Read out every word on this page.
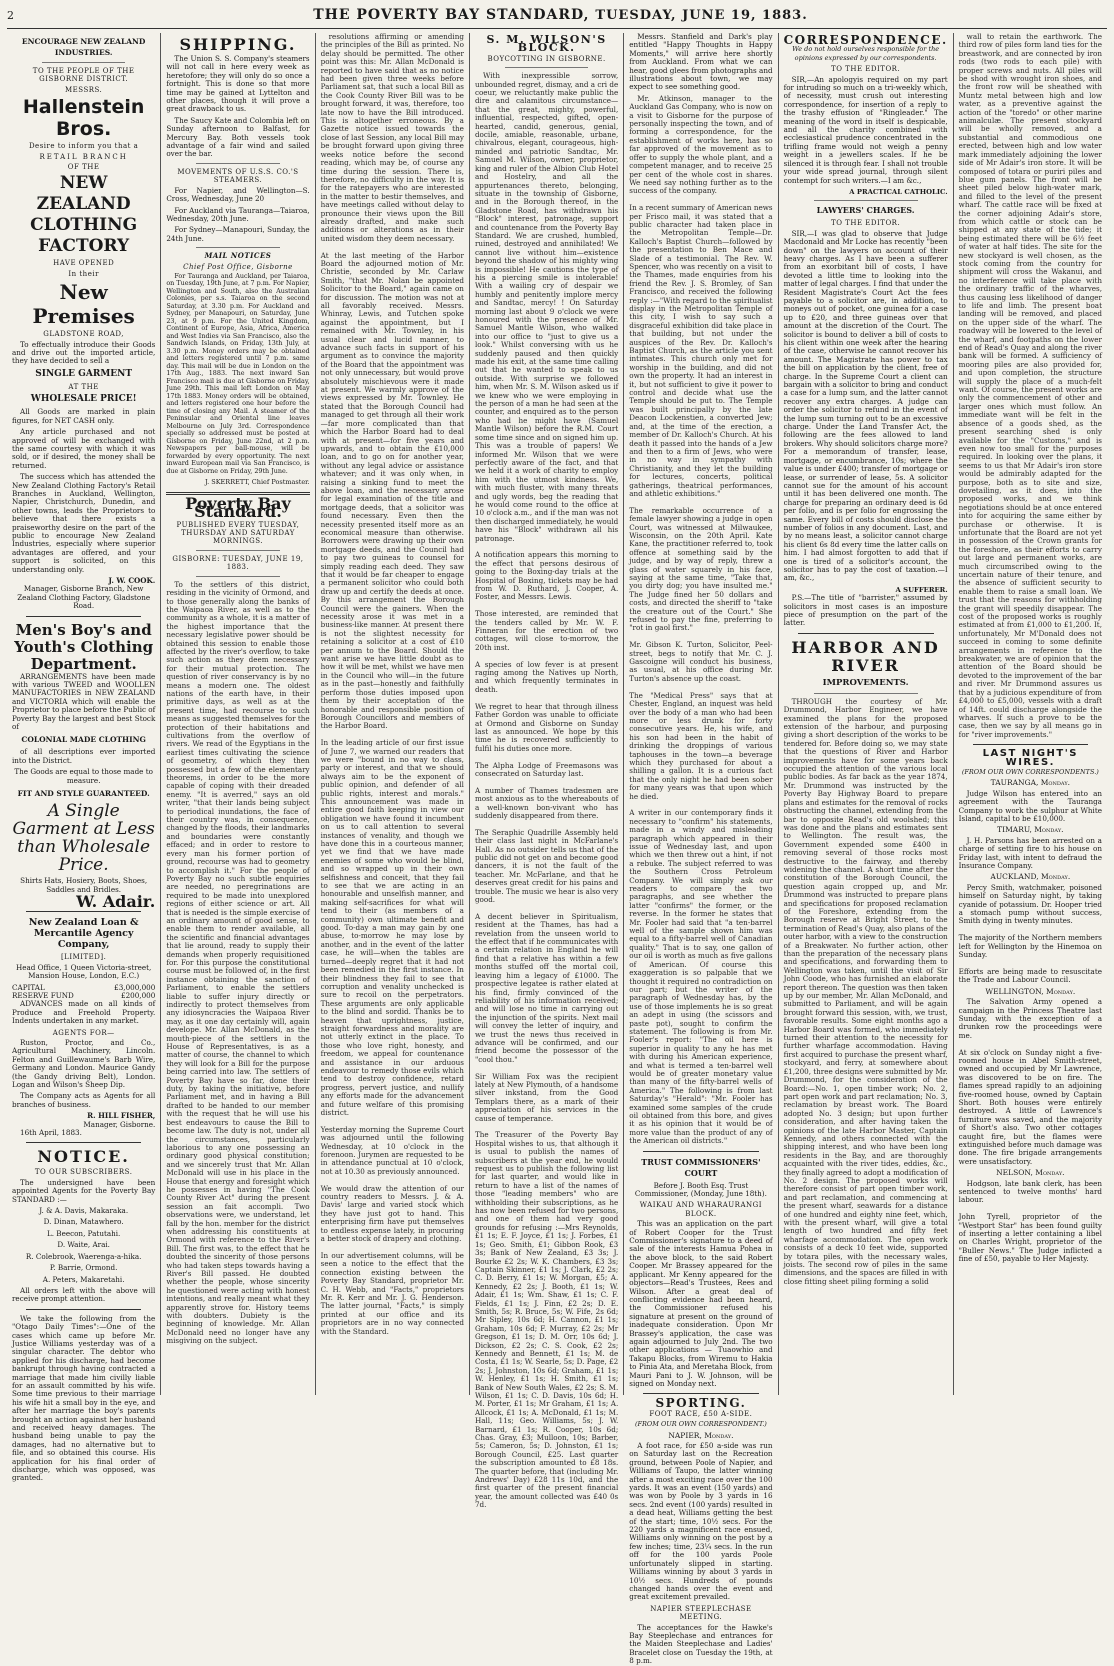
2	THE POVERTY BAY STANDARD, TUESDAY, JUNE 19, 1883.
ENCOURAGE NEW ZEALAND INDUSTRIES.
TO THE PEOPLE OF THE GISBORNE DISTRICT.
MESSRS.
Hallenstein Bros.
Desire to inform you that a
RETAIL BRANCH
OF THE
NEW ZEALAND
CLOTHING
FACTORY
HAVE OPENED
In their
New Premises
GLADSTONE ROAD,

To effectually introduce their Goods and drive out the imported article, they have decided to sell a

SINGLE GARMENT
AT THE
WHOLESALE PRICE!

All Goods are marked in plain figures, for NET CASH only.

Any article purchased and not approved of will be exchanged with the same courtesy with which it was sold, or if desired, the money shall be returned.

The success which has attended the New Zealand Clothing Factory's Retail Branches in Auckland, Wellington, Napier, Christchurch, Dunedin, and other towns, leads the Proprietors to believe that there exists a praiseworthy desire on the part of the public to encourage New Zealand Industries, especially where superior advantages are offered, and your support is solicited, on this understanding only.

J. W. COOK.

Manager, Gisborne Branch, New Zealand Clothing Factory, Gladstone Road.

Men's Boy's and Youth's Clothing Department.

ARRANGEMENTS have been made with various TWEED and WOOLLEN MANUFACTORIES in NEW ZEALAND and VICTORIA which will enable the Proprietor to place before the Public of Poverty Bay the largest and best Stock of

COLONIAL MADE CLOTHING

of all descriptions ever imported into the District.

The Goods are equal to those made to measure.

FIT AND STYLE GUARANTEED.
A Single Garment at Less than Wholesale Price.

Shirts Hats, Hosiery, Boots, Shoes, Saddles and Bridles.

W. Adair.
New Zealand Loan & Mercantile Agency Company,
[LIMITED].

Head Office, 1 Queen Victoria-street, Mansion House, London, E.C.)

CAPITAL	£3,000,000
RESERVE FUND	£200,000

ADVANCES made on all kinds of Produce and Freehold Property. Indents undertaken in any market.

AGENTS FOR—

Ruston, Proctor, and Co., Agricultural Machinery, Lincoln. Felton and Guillewaume's Barb Wire, Germany and London. Maurice Gandy (the Gandy driving Belt), London. Logan and Wilson's Sheep Dip.

The Company acts as Agents for all branches of business.

R. HILL FISHER,
Manager, Gisborne.

16th April, 1883.

NOTICE.
TO OUR SUBSCRIBERS.

The undersigned have been appointed Agents for the Poverty Bay STANDARD :—

J. & A. Davis, Makaraka.

D. Dinan, Matawhero.

L. Beecon, Patutahi.

D. Waite, Arai.

R. Colebrook, Waerenga-a-hika.

P. Barrie, Ormond.

A. Peters, Makaretahi.

All orders left with the above will receive prompt attention.

We take the following from the "Otago Daily Times":—One of the cases which came up before Mr. Justice Williams yesterday was of a singular character. The debtor who applied for his discharge, had become bankrupt through having contracted a marriage that made him civilly liable for an assault committed by his wife. Some time previous to their marriage his wife hit a small boy in the eye, and after her marriage the boy's parents brought an action against her husband and received heavy damages. The husband being unable to pay the damages, had no alternative but to file, and so obtained this course. His application for his final order of discharge, which was opposed, was granted.

SHIPPING.

The Union S. S. Company's steamers will not call in here every week as heretofore; they will only do so once a fortnight. This is done so that more time may be gained at Lyttelton and other places, though it will prove a great drawback to us.

The Saucy Kate and Colombia left on Sunday afternoon to Balfast, for Mercury Bay. Both vessels took advantage of a fair wind and sailed over the bar.

MOVEMENTS OF U.S.S. CO.'S STEAMERS.

For Napier, and Wellington—S. Cross, Wednesday, June 20

For Auckland via Tauranga—Taiaroa, Wednesday, 20th June.

For Sydney—Manapouri, Sunday, the 24th June.

MAIL NOTICES
Chief Post Office, Gisborne

For Tauranga and Auckland, per Taiaroa, on Tuesday, 19th June, at 7 p.m. For Napier, Wellington and South, also the Australian Colonies, per s.s. Taiaroa on the second Saturday, at 3.30 p.m. For Auckland and Sydney, per Manapouri, on Saturday, June 23, at 9 p.m. For the United Kingdom, Continent of Europe, Asia, Africa, America and West Indies via San Francisco, also the Sandwich Islands, on Friday, 13th July, at 3.30 p.m. Money orders may be obtained and letters registered until 7 p.m. same day. This mail will be due in London on the 17th Aug., 1883. The next inward San Francisco mail is due at Gisborne on Friday, June 29th. This mail left London on May 17th 1883. Money orders will be obtained, and letters registered one hour before the time of closing any Mail. A steamer of the Peninsular and Oriental line leaves Melbourne on July 3rd. Correspondence specially so addressed must be posted at Gisborne on Friday, June 22nd, at 2 p.m. Newspapers per ball-mouse, will be forwarded by every opportunity. The next inward European mail via San Francisco, is due at Gisborne on Friday, 29th June.

J. SKERRETT, Chief Postmaster.
Poverty Bay Standard.
PUBLISHED EVERY TUESDAY, THURSDAY AND SATURDAY MORNINGS.
GISBORNE: TUESDAY, JUNE 19, 1883.

To the settlers of this district, residing in the vicinity of Ormond, and to those generally along the banks of the Waipaoa River, as well as to the community as a whole, it is a matter of the highest importance that the necessary legislative power should be obtained this session to enable those affected by the river's overflow, to take such action as they deem necessary for their mutual protection. The question of river conservancy is by no means a modern one. The oldest nations of the earth have, in their primitive days, as well as at the present time, had recourse to such means as suggested themselves for the protection of their habitations and cultivations from the overflow of rivers. We read of the Egyptians in the earliest times cultivating the science of geometry, of which they then possessed but a few of the elementary theorems, in order to be the more capable of coping with their dreaded enemy. "It is averred," says an old writer, "that their lands being subject to periodical inundations, the face of their country was, in consequence, changed by the floods, their landmarks and boundaries were constantly effaced; and in order to restore to every man his former portion of ground, recourse was had to geometry to accomplish it." For the people of Poverty Bay no such subtle enquiries are needed, no peregrinations are required to be made into unexplored regions of either science or art. All that is needed is the simple exercise of an ordinary amount of good sense, to enable them to render available, all the scientific and financial advantages that lie around, ready to supply their demands when properly requisitioned for. For this purpose the constitutional course must be followed of, in the first instance obtaining the sanction of Parliament, to enable the settlers liable to suffer injury directly or indirectly to protect themselves from any idiosyncracies the Waipaoa River may, as it one day certainly will, again develope. Mr. Allan McDonald, as the mouth-piece of the settlers in the House of Representatives, is as a matter of course, the channel to which they will look for a Bill for the purpose being carried into law. The settlers of Poverty Bay have so far, done their duty, by taking the initiative, before Parliament met, and in having a Bill drafted to be handed to our member with the request that he will use his best endeavours to cause the Bill to become law. The duty is not, under all the circumstances, particularly laborious to any one possessing an ordinary good physical constitution; and we sincerely trust that Mr. Allan McDonald will use in his place in the House that energy and foresight which he possesses in having "The Cook County River Act" during the present session an fait accompli. Two observations were, we understand, let fall by the hon. member for the district when addressing his constituents at Ormond with reference to the River's Bill. The first was, to the effect that he doubted the sincerity of those persons who had taken steps towards having a River's Bill passed. He doubted whether the people, whose sincerity he questioned were acting with honest intentions, and really meant what they apparently strove for. History teems with doubters. Dubiety is the beginning of knowledge. Mr. Allan McDonald need no longer have any misgiving on the subject.

resolutions affirming or amending the principles of the Bill as printed. No delay should be permitted. The other point was this: Mr. Allan McDonald is reported to have said that as no notice had been given three weeks before Parliament sat, that such a local Bill as the Cook County River Bill was to be brought forward, it was, therefore, too late now to have the Bill introduced. This is altogether erroneous. By a Gazette notice issued towards the close of last Session, any local Bill may be brought forward upon giving three weeks notice before the second reading, which may be, of course any time during the session. There is, therefore, no difficulty in the way. It is for the ratepayers who are interested in the matter to bestir themselves, and have meetings called without delay to pronounce their views upon the Bill already drafted, and make such additions or alterations as in their united wisdom they deem necessary.

At the last meeting of the Harbor Board the adjourned motion of Mr. Christie, seconded by Mr. Carlaw Smith, "that Mr. Nolan be appointed Solicitor to the Board," again came on for discussion. The motion was not at all favorably received. Messrs. Whinray, Lewis, and Tutchen spoke against the appointment, but I remained with Mr. Townley, in his usual clear and lucid manner, to advance such facts in support of his argument as to convince the majority of the Board that the appointment was not only unnecessary, but would prove absolutely mischievous were it made at present. We warmly approve of the views expressed by Mr. Townley. He stated that the Borough Council had managed to get through all their work—far more complicated than that which the Harbor Board had to deal with at present—for five years and upwards, and to obtain the £10,000 loan, and to go on for another year, without any legal advice or assistance whatever; and it was only when, in raising a sinking fund to meet the above loan, and the necessary arose for legal examination of the title and mortgage deeds, that a solicitor was found necessary. Even then the necessity presented itself more as an economical measure than otherwise. Borrowers were drawing up their own mortgage deeds, and the Council had to pay two guineas to counsel for simply reading each deed. They saw that it would be far cheaper to engage a permanent solicitor who could both draw up and certify the deeds at once. By this arrangement the Borough Council were the gainers. When the necessity arose it was met in a business-like manner. At present there is not the slightest necessity for retaining a solicitor at a cost of £10 per annum to the Board. Should the want arise we have little doubt as to how it will be met, whilst we have men in the Council who will—in the future as in the past—honestly and faithfully perform those duties imposed upon them by their acceptation of the honorable and responsible position of Borough Councillors and members of the Harbor Board.

In the leading article of our first issue of June 7, we warned our readers that we were "bound in no way to class, party or interest, and that we should always aim to be the exponent of public opinion, and defender of all public rights, interest and morals." This announcement was made in entire good faith keeping in view our obligation we have found it incumbent on us to call attention to several instances of venality, and though we have done this in a courteous manner, yet we find that we have made enemies of some who would be blind, and so wrapped up in their own selfishness and conceit, that they fail to see that we are acting in an honourable and unselfish manner, and making self-sacrifices for what will tend to their (as members of a community) own ultimate benefit and good. To-day a man may gain by one abuse, to-morrow he may lose by another, and in the event of the latter case, he will—when the tables are turned—deeply regret that it had not been remedied in the first instance. In their blindness they fail to see that corruption and venality unchecked is sure to recoil on the perpetrators. These arguments are only applicable to the blind and sordid. Thanks be to heaven that uprightness, justice, straight forwardness and morality are not utterly extinct in the place. To those who love right, honesty, and freedom, we appeal for countenance and assistance in our arduous endeavour to remedy those evils which tend to destroy confidence, retard progress, pervert justice, and nullify any efforts made for the advancement and future welfare of this promising district.

Yesterday morning the Supreme Court was adjourned until the following Wednesday, at 10 o'clock in the forenoon. Jurymen are requested to be in attendance punctual at 10 o'clock, not at 10.30 as previously announced.

We would draw the attention of our country readers to Messrs. J. & A. Davis' large and varied stock which they have just got to hand. This enterprising firm have put themselves to endless expense lately, in procuring a better stock of drapery and clothing.

In our advertisement columns, will be seen a notice to the effect that the connection existing between the Poverty Bay Standard, proprietor Mr. C. H. Webb, and "Facts," proprietors Mr. R. Kerr and Mr. J. G. Henderson. The latter journal, "Facts," is simply printed at our office and its proprietors are in no way connected with the Standard.

S. M. WILSON'S BLOCK.
BOYCOTTING IN GISBORNE.

With inexpressible sorrow, unbounded regret, dismay, and a cri de coeur, we reluctantly make public the dire and calamitous circumstance—that the great, mighty, powerful, influential, respected, gifted, open-hearted, candid, generous, genial, docile, amiable, reasonable, urbane, chivalrous, elegant, courageous, high-minded and patriotic Sandtac, Mr. Samuel M. Wilson, owner, proprietor, king and ruler of the Albion Club Hotel and Hostelry, and all the appurtenances thereto, belonging, situate in the township of Gisborne, and in the Borough thereof, in the Gladstone Road, has withdrawn his "Block" interest, patronage, support and countenance from the Poverty Bay Standard. We are crushed, humbled, ruined, destroyed and annihilated! We cannot live without him—existence beyond the shadow of his mighty wing is impossible! He cautions the type of his a piercing smile is intolerable! With a wailing cry of despair we humbly and penitently implore mercy and Sandtac, mercy! ! On Saturday morning last about 9 o'clock we were honoured with the presence of Mr. Samuel Mantle Wilson, who walked into our office to "just to give us a look." Whilst conversing with us he suddenly paused and then quickly made his exit, at the same time calling out that he wanted to speak to us outside. With surprise we followed him, when Mr. S. M. Wilson asked us if we knew who we were employing in the person of a man he had seen at the counter, and enquired as to the person who had he might have (Samuel Mantle Wilson) before the R.M. Court some time since and on signed him up. This was a trouble of papers! We informed Mr. Wilson that we were perfectly aware of the fact, and that we held it a work of charity to employ him with the utmost kindness. We, with much fluster, with many threats and ugly words, beg the reading that he would come round to the office at 10 o'clock a.m., and if the man was not then discharged immediately, he would have his "Block" withdrawn all his patronage.

A notification appears this morning to the effect that persons desirous of going to the Boxing-day trials at the Hospital of Boxing, tickets may be had from W. D. Ruthard, J. Cooper, A. Foster, and Messrs. Lewis.

Those interested, are reminded that the tenders called by Mr. W. F. Finneran for the erection of two cottages, will close to-morrow, the 20th inst.

A species of low fever is at present raging among the Natives up North, and which frequently terminates in death.

We regret to hear that through illness Father Gordon was unable to officiate at Ormond and Gisborne on Sunday last as announced. We hope by this time he is recovered sufficiently to fulfil his duties once more.

The Alpha Lodge of Freemasons was consecrated on Saturday last.

A number of Thames tradesmen are most anxious as to the whereabouts of a well-known bon-vivant who has suddenly disappeared from there.

The Seraphic Quadrille Assembly held their class last night in McFarlane's Hall. As no outsider tells us that of the public did not get on and become good dancers, it is not the fault of the teacher. Mr. McFarlane, and that he deserves great credit for his pains and trouble. The music we hear is also very good.

A decent believer in Spiritualism, resident at the Thames, has had a revelation from the unseen world to the effect that if he communicates with a certain relation in England he will find that a relative has within a few months stuffed off the mortal coil, leaving him a legacy of £1000. The prospective legatee is rather elated at his find, firmly convinced of the reliability of his information received; and will lose no time in carrying out the injunction of the spirits. Next mail will convey the letter of inquiry, and we trust the news thus received in advance will be confirmed, and our friend become the possessor of the "cool thou."

Sir William Fox was the recipient lately at New Plymouth, of a handsome silver inkstand, from the Good Templars there, as a mark of their appreciation of his services in the cause of temperance.

The Treasurer of the Poverty Bay Hospital wishes to us, that although it is usual to publish the names of subscribers at the year end, he would request us to publish the following list for last quarter, and would like in return to have a list of the names of those "leading members" who are withholding their subscriptions, as he has now been refused for two persons, and one of them had very good grounds for refusing :—Mrs Reynolds, £1 1s; E. F. Joyce, £1 1s; J. Forbes, £1 1s; Geo. Smith, £1; Gibbon Rook, £3 3s; Bank of New Zealand, £3 3s; J. Bourke £2 2s; W. K. Chambers, £3 3s; Captain Skinner, £1 1s; J. Clark, £2 2s; C. D. Berry, £1 1s; W. Morgan, £5; A. Kennedy, £2 2s; J. Booth, £1 1s; W. Adair, £1 1s; Wm. Shaw, £1 1s; C. F. Fields, £1 1s; J. Finn, £2 2s; D. E. Smith, 5s; R. Bruce, 5s; W. Fife, 2s 6d; Mr Sipley, 10s 6d; H. Cannon, £1 1s; Graham, 10s 6d; F. Murray, £2 2s; Mr Gregson, £1 1s; D. M. Orr, 10s 6d; J. Dickson, £2 2s; C. S. Cook, £2 2s; Kennedy and Bennett, £1 1s; M. de Costa, £1 1s; W. Searle, 5s; D. Page, £2 2s; J. Johnston, 10s 6d; Graham, £1 1s; W. Henley, £1 1s; H. Smith, £1 1s; Bank of New South Wales, £2 2s; S. M. Wilson, £1 1s; C. D. Davis, 10s 6d; H. M. Porter, £1 1s; Mr Graham, £1 1s; A. Allcock, £1 1s; A. McDonald, £1 1s; M. Hall, 11s; Geo. Williams, 5s; J. W. Barnard, £1 1s; R. Cooper, 10s 6d; Chas. Gray, £3; Mulloon, 10s; Barber, 5s; Cameron, 5s; D. Johnston, £1 1s; Borough Council, £25. Last quarter the subscription amounted to £8 18s. The quarter before, that (including Mr. Andrews' Day) £28 11s 10d, and the first quarter of the present financial year, the amount collected was £40 0s 7d.

Messrs. Stanfield and Dark's play entitled "Happy Thoughts in Happy Moments," will arrive here shortly from Auckland. From what we can hear, good glees from photographs and illustrations about town, we may expect to see something good.

Mr. Atkinson, manager to the Auckland Gas Company, who is now on a visit to Gisborne for the purpose of personally inspecting the town, and of forming a correspondence, for the establishment of works here, has so far approved of the movement as to offer to supply the whole plant, and a competent manager, and to receive 25 per cent of the whole cost in shares. We need say nothing further as to the success of the company.

In a recent summary of American news per Frisco mail, it was stated that a public character had taken place in the Metropolitan Temple—Dr. Kalloch's Baptist Church—followed by the presentation to Ben Mace and Slade of a testimonial. The Rev. W. Spencer, who was recently on a visit to the Thames, made enquiries from his friend the Rev. J. S. Bromley, of San Francisco, and received the following reply :—"With regard to the spiritualist display in the Metropolitan Temple of this city, I wish to say such a disgraceful exhibition did take place in that building, but not under the auspices of the Rev. Dr. Kalloch's Baptist Church, as the article you sent intimates. This church only met for worship in the building, and did not own the property. It had an interest in it, but not sufficient to give it power to control and decide what use the Temple should be put to. The Temple was built principally by the late Deacon Lockenstien, a converted Jew; and, at the time of the erection, a member of Dr. Kalloch's Church. At his death it passed into the hands of a Jew and then to a firm of Jews, who were in no way in sympathy with Christianity, and they let the building for lectures, concerts, political gatherings, theatrical performances, and athletic exhibitions."

The remarkable occurrence of a female lawyer showing a judge in open Court, was witnessed at Milwaukee, Wisconsin, on the 20th April. Kate Kane, the practitioner referred to, took offence at something said by the judge, and by way of reply, threw a glass of water squarely in his face, saying at the same time, "Take that, you dirty dog; you have insulted me." The Judge fined her 50 dollars and costs, and directed the sheriff to "take the creature out of the Court." She refused to pay the fine, preferring to "rot in gaol first."

Mr. Gibson K. Turton, Solicitor, Peel-street, begs to notify that Mr. C. J. Gascoigne will conduct his business, as usual, at his office during Mr. Turton's absence up the coast.

The "Medical Press" says that at Chester, England, an inquest was held over the body of a man who had been more or less drunk for forty consecutive years. He, his wife, and his son had been in the habit of drinking the droppings of various taphouses in the town—a beverage which they purchased for about a shilling a gallon. It is a curious fact that the only night he had been sober for many years was that upon which he died.

A writer in our contemporary finds it necessary to "confirm" his statements, made in a windy and misleading paragraph which appeared in their issue of Wednesday last, and upon which we then threw out a hint, if not a rebuke. The subject referred to was the Southern Cross Petroleum Company. We will simply ask our readers to compare the two paragraphs, and see whether the latter "confirms" the former, or the reverse. In the former he states that Mr. Fooler had said that "a ten-barrel well of the sample shown him was equal to a fifty-barrel well of Canadian quality." That is to say, one gallon of our oil is worth as much as five gallons of American. Of course this exaggeration is so palpable that we thought it required no contradiction on our part; but the writer of the paragraph of Wednesday has, by the use of those implements he is so great an adept in using (the scissors and paste pot), sought to confirm the statement. The following is from Mr. Fooler's report: "The oil here is superior in quality to any he has met with during his American experience, and what is termed a ten-barrel well would be of greater monetary value than many of the fifty-barrel wells of America." The following is from last Saturday's "Herald": "Mr. Fooler has examined some samples of the crude oil obtained from this bore, and gives it as his opinion that it would be of more value than the product of any of the American oil districts."

TRUST COMMISSIONERS' COURT

Before J. Booth Esq. Trust Commissioner, (Monday, June 18th).

WAIKAU AND WHARAURANGI BLOCK.

This was an application on the part of Robert Cooper for the Trust Commissioner's signature to a deed of sale of the interests Hamua Pohea in the above block, to the said Robert Cooper. Mr Brassey appeared for the applicant. Mr Kenny appeared for the objectors—Read's Trustees, Rees and Wilson. After a great deal of conflicting evidence had been heard, the Commissioner refused his signature at present on the ground of inadequate consideration. Upon Mr Brassey's application, the case was again adjourned to July 2nd. The two other applications — Tuaowhio and Takapu Blocks, from Wiremu to Hakia to Pinia Ata, and Meretaha Block, from Mauri Pani to J. W. Johnson, will be signed on Monday next.

SPORTING.
FOOT RACE, £50 A-SIDE.
(FROM OUR OWN CORRESPONDENT.)
NAPIER, Monday.

A foot race, for £50 a-side was run on Saturday last on the Recreation ground, between Poole of Napier, and Williams of Taupo, the latter winning after a most exciting race over the 100 yards. It was an event (150 yards) and was won by Poole by 3 yards in 16 secs. 2nd event (100 yards) resulted in a dead heat, Williams getting the best of the start; time, 10½ secs. For the 220 yards a magnificent race ensued, Williams only winning on the post by a few inches; time, 23¼ secs. In the run off for the 100 yards Poole unfortunately slipped in starting. Williams winning by about 3 yards in 10½ secs. Hundreds of pounds changed hands over the event and great excitement prevailed.

NAPIER STEEPLECHASE MEETING.

The acceptances for the Hawke's Bay Steeplechase and entrances for the Maiden Steeplechase and Ladies' Bracelet close on Tuesday the 19th, at 8 p.m.

CORRESPONDENCE.
We do not hold ourselves responsible for the opinions expressed by our correspondents.
TO THE EDITOR.

SIR,—An apologyis required on my part for intruding so much on a tri-weekly which, of necessity, must crush out interesting correspondence, for insertion of a reply to the trashy effusion of "Ringleader." The meaning of the word in itself is despicable, and all the charity combined with ecclesiastical prudence concentrated in the trifling frame would not weigh a penny weight in a jewellers scales. If he be silenced it is through fear. I shall not trouble your wide spread journal, through silent contempt for such writers.—I am &c.,

A PRACTICAL CATHOLIC.
LAWYERS' CHARGES.
TO THE EDITOR.

SIR,—I was glad to observe that Judge Macdonald and Mr Locke has recently "been down" on the lawyers on account of their heavy charges. As I have been a sufferer from an exorbitant bill of costs, I have devoted a little time to looking into the matter of legal charges. I find that under the Resident Magistrate's Court Act the fees payable to a solicitor are, in addition, to moneys out of pocket, one guinea for a case up to £20, and three guineas over that amount at the discretion of the Court. The solicitor is bound to deliver a bill of costs to his client within one week after the hearing of the case, otherwise he cannot recover his amount. The Magistrate has power to tax the bill on application by the client, free of charge. In the Supreme Court a client can bargain with a solicitor to bring and conduct a case for a lump sum, and the latter cannot recover any extra charges. A judge can order the solicitor to refund in the event of the lump sum turning out to be an excessive charge. Under the Land Transfer Act, the following are the fees allowed to land brokers. Why should solicitors charge more? For a memorandum of transfer, lease, mortgage, or encumbrance, 10s; where the value is under £400; transfer of mortgage or lease, or surrender of lease, 5s. A solicitor cannot sue for the amount of his account until it has been delivered one month. The charge for preparing an ordinary deed is 6d per folio, and is per folio for engrossing the same. Every bill of costs should disclose the number of folios in any document. Last, and by no means least, a solicitor cannot charge his client 6s 8d every time the latter calls on him. I had almost forgotten to add that if one is tired of a solicitor's account, the solicitor has to pay the cost of taxation.—I am, &c.,

A SUFFERER.

P.S.—The title of "barrister," assumed by solicitors in most cases is an imposture piece of presumption on the part of the latter.

HARBOR AND RIVER
IMPROVEMENTS.

THROUGH the courtesy of Mr. Drummond, Harbor Engineer, we have examined the plans for the proposed extension of the harbour, and purposing giving a short description of the works to be tendered for. Before doing so, we may state that the questions of River and Harbor improvements have for some years back occupied the attention of the various local public bodies. As far back as the year 1874, Mr. Drummond was instructed by the Poverty Bay Highway Board to prepare plans and estimates for the removal of rocks obstructing the channel, extending from the bar to opposite Read's old woolshed; this was done and the plans and estimates sent to Wellington. The result was, the Government expended some £400 in removing several of those rocks most destructive to the fairway, and thereby widening the channel. A short time after the constitution of the Borough Council, the question again cropped up, and Mr. Drummond was instructed to prepare plans and specifications for proposed reclamation of the Foreshore, extending from the Borough reserve at Bright Street, to the termination of Read's Quay, also plans of the outer harbor, with a view to the construction of a Breakwater. No further action, other than the preparation of the necessary plans and specifications, and forwarding them to Wellington was taken, until the visit of Sir John Coode, who has furnished an elaborate report thereon. The question was then taken up by our member, Mr. Allan McDonald, and submitted to Parliament, and will be again brought forward this session, with, we trust, favorable results. Some eight months ago a Harbor Board was formed, who immediately turned their attention to the necessity for further wharfage accommodation. Having first acquired to purchase the present wharf, stockyard, and ferry, at somewhere about £1,200, three designs were submitted by Mr. Drummond, for the consideration of the Board:—No. 1, open timber work; No. 2, part open work and part reclamation; No. 3, reclamation by breast work. The Board adopted No. 3 design; but upon further consideration, and after having taken the opinions of the late Harbor Master, Captain Kennedy, and others connected with the shipping interest, and who have been long residents in the Bay, and are thoroughly acquainted with the river tides, eddies, &c., they finally agreed to adopt a modification of No. 2 design. The proposed works will therefore consist of part open timber work, and part reclamation, and commencing at the present wharf, seawards for a distance of one hundred and eighty nine feet, which, with the present wharf, will give a total length of two hundred and fifty feet wharfage accommodation. The open work consists of a deck 10 feet wide, supported by totara piles, with the necessary wales, joists. The second row of piles in the same dimensions, and the spaces are filled in with close fitting sheet piling forming a solid

wall to retain the earthwork. The third row of piles form land ties for the breastwork, and are connected by iron rods (two rods to each pile) with proper screws and nuts. All piles will be shod with wrought iron shoes, and the front row will be sheathed with Muntz metal between high and low water, as a preventive against the action of the "toredo" or other marine animalculæ. The present stockyard will be wholly removed, and a substantial and commodious one erected, between high and low water mark immediately adjoining the lower side of Mr Adair's iron store. It will be composed of totara or puriri piles and blue gum panels. The front will be sheet piled below high-water mark, and filled to the level of the present wharf. The cattle race will be fixed at the corner adjoining Adair's store, from which cattle or stock can be shipped at any state of the tide; it being estimated there will be 6½ feet of water at half tides. The site for the new stockyard is well chosen, as the stock coming from the country for shipment will cross the Wakanui, and no interference will take place with the ordinary traffic of the wharves, thus causing less likelihood of danger to life and limb. The present boat landing will be removed, and placed on the upper side of the wharf. The roadway will be lowered to the level of the wharf, and footpaths on the lower end of Read's Quay and along the river bank will be formed. A sufficiency of mooring piles are also provided for, and upon completion, the structure will supply the place of a much-felt want. Of course, the present works are only the commencement of other and larger ones which must follow. An immediate want will be felt in the absence of a goods shed, as the present searching shed is only available for the "Customs," and is even now too small for the purposes required. In looking over the plans, it seems to us that Mr Adair's iron store would be admirably adapted for the purpose, both as to site and size, dovetailing, as it does, into the proposed works, and we think negotiations should be at once entered into for acquiring the same either by purchase or otherwise. It is unfortunate that the Board are not yet in possession of the Crown grants for the foreshore, as their efforts to carry out large and permanent works, are much circumscribed owing to the uncertain nature of their tenure, and the absence of sufficient security to enable them to raise a small loan. We trust that the reasons for withholding the grant will speedily disappear. The cost of the proposed works is roughly estimated at from £1,000 to £1,200. It, unfortunately, Mr M'Donald does not succeed in coming to some definite arrangements in reference to the breakwater, we are of opinion that the attention of the Board should be devoted to the improvement of the bar and river. Mr Drummond assures us that by a judicious expenditure of from £4,000 to £5,000, vessels with a draft of 14ft. could discharge alongside the wharves. If such a prove to be the case, then we say by all means go in for "river improvements."

LAST NIGHT'S WIRES.
(FROM OUR OWN CORRESPONDENTS.)
TAURANGA, Monday.

Judge Wilson has entered into an agreement with the Tauranga Company to work the sulphur at White Island, capital to be £10,000.

TIMARU, Monday.

J. H. Parsons has been arrested on a charge of setting fire to his house on Friday last, with intent to defraud the Insurance Company.

AUCKLAND, Monday.

Percy Smith, watchmaker, poisoned himself on Saturday night, by taking cyanide of potassium. Dr. Hooper tried a stomach pump without success, Smith dying in twenty minutes.

The majority of the Northern members left for Wellington by the Hinemoa on Sunday.

Efforts are being made to resuscitate the Trade and Labour Council.

WELLINGTON, Monday.

The Salvation Army opened a campaign in the Princess Theatre last Sunday, with the exception of a drunken row the proceedings were me.

At six o'clock on Sunday night a five-roomed house in Abel Smith-street, owned and occupied by Mr Lawrence, was discovered to be on fire. The flames spread rapidly to an adjoining five-roomed house, owned by Captain Short. Both houses were entirely destroyed. A little of Lawrence's furniture was saved, and the majority of Short's also. Two other cottages caught fire, but the flames were extinguished before much damage was done. The fire brigade arrangements were unsatisfactory.

NELSON, Monday.

Hodgson, late bank clerk, has been sentenced to twelve months' hard labour.

John Tyrell, proprietor of the "Westport Star" has been found guilty of inserting a letter containing a libel on Charles Wright, proprietor of the "Buller News." The Judge inflicted a fine of £50, payable to Her Majesty.
